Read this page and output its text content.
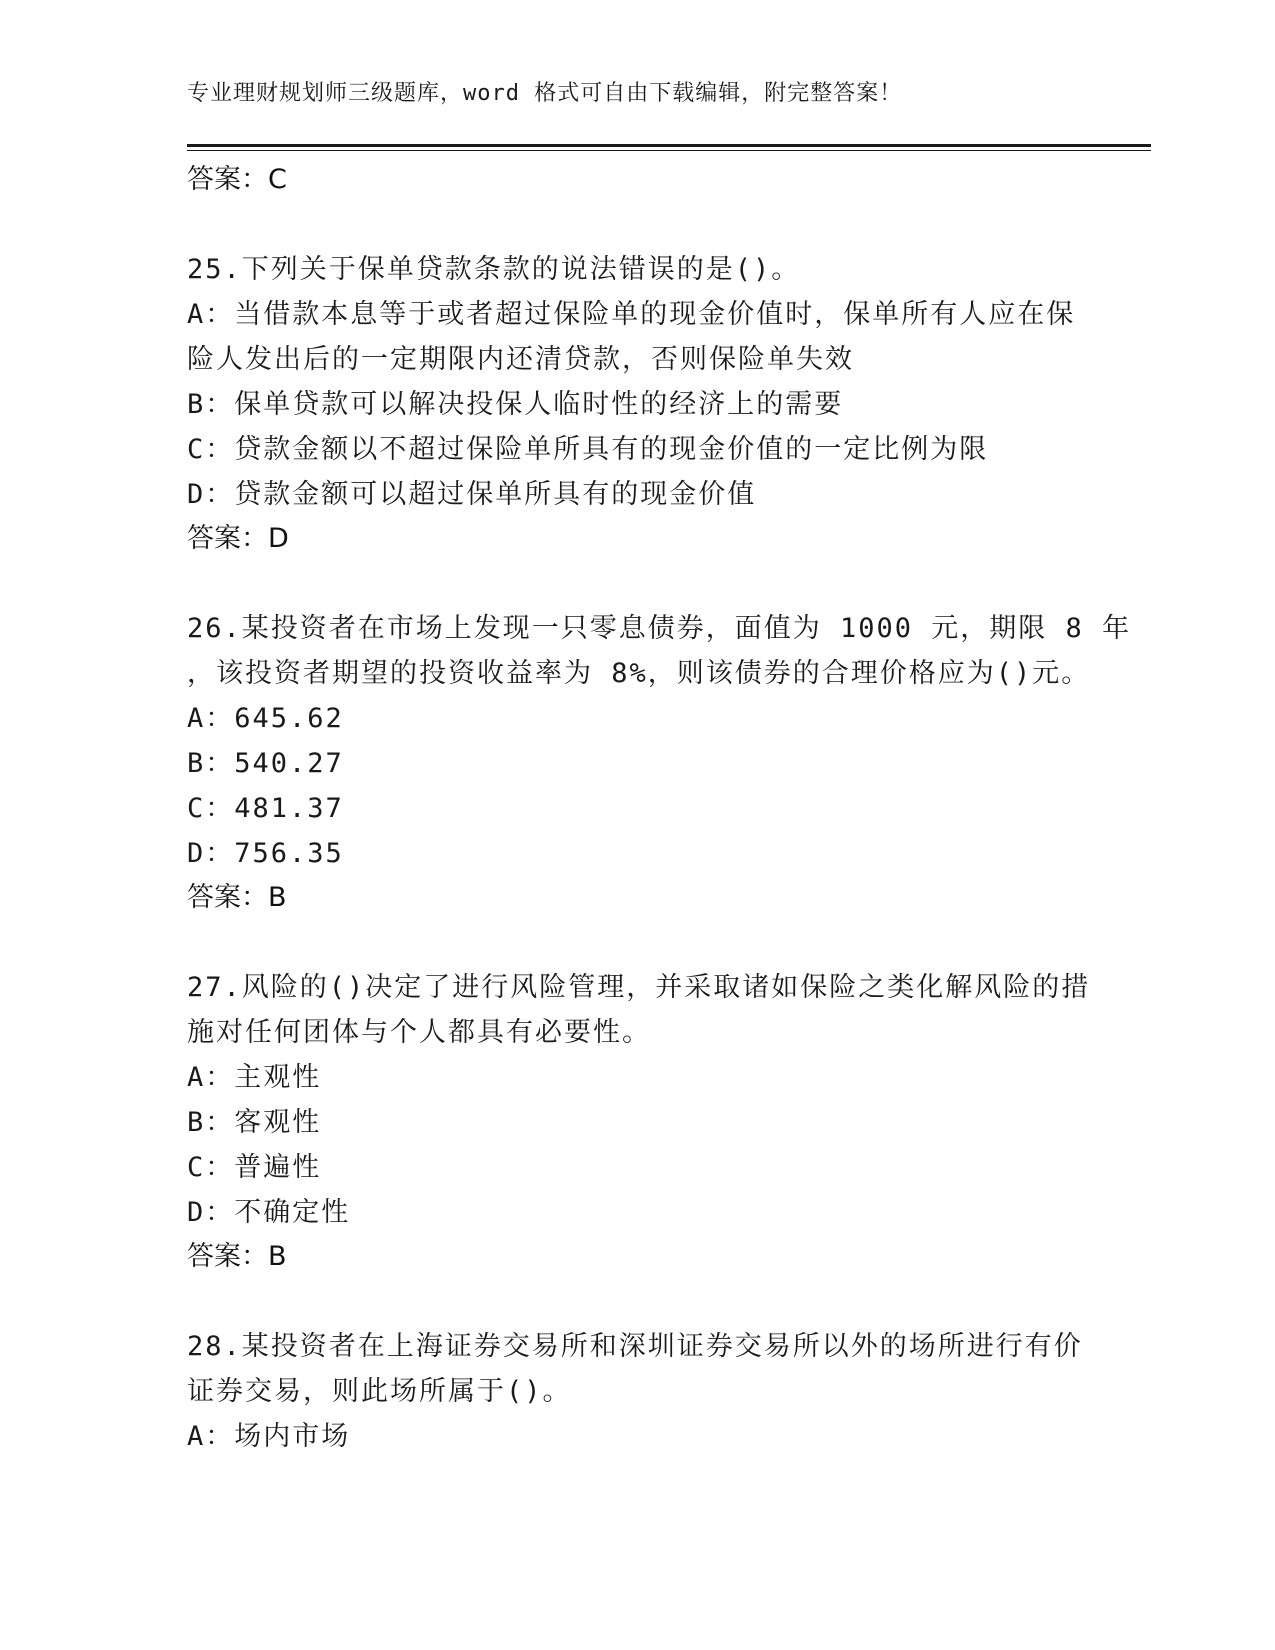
专业理财规划师三级题库，word 格式可自由下载编辑，附完整答案！
答案：C
25.下列关于保单贷款条款的说法错误的是()。
A：当借款本息等于或者超过保险单的现金价值时，保单所有人应在保
险人发出后的一定期限内还清贷款，否则保险单失效
B：保单贷款可以解决投保人临时性的经济上的需要
C：贷款金额以不超过保险单所具有的现金价值的一定比例为限
D：贷款金额可以超过保单所具有的现金价值
答案：D
26.某投资者在市场上发现一只零息债券，面值为 1000 元，期限 8 年
，该投资者期望的投资收益率为 8%，则该债券的合理价格应为()元。
A：645.62
B：540.27
C：481.37
D：756.35
答案：B
27.风险的()决定了进行风险管理，并采取诸如保险之类化解风险的措
施对任何团体与个人都具有必要性。
A：主观性
B：客观性
C：普遍性
D：不确定性
答案：B
28.某投资者在上海证券交易所和深圳证券交易所以外的场所进行有价
证券交易，则此场所属于()。
A：场内市场
